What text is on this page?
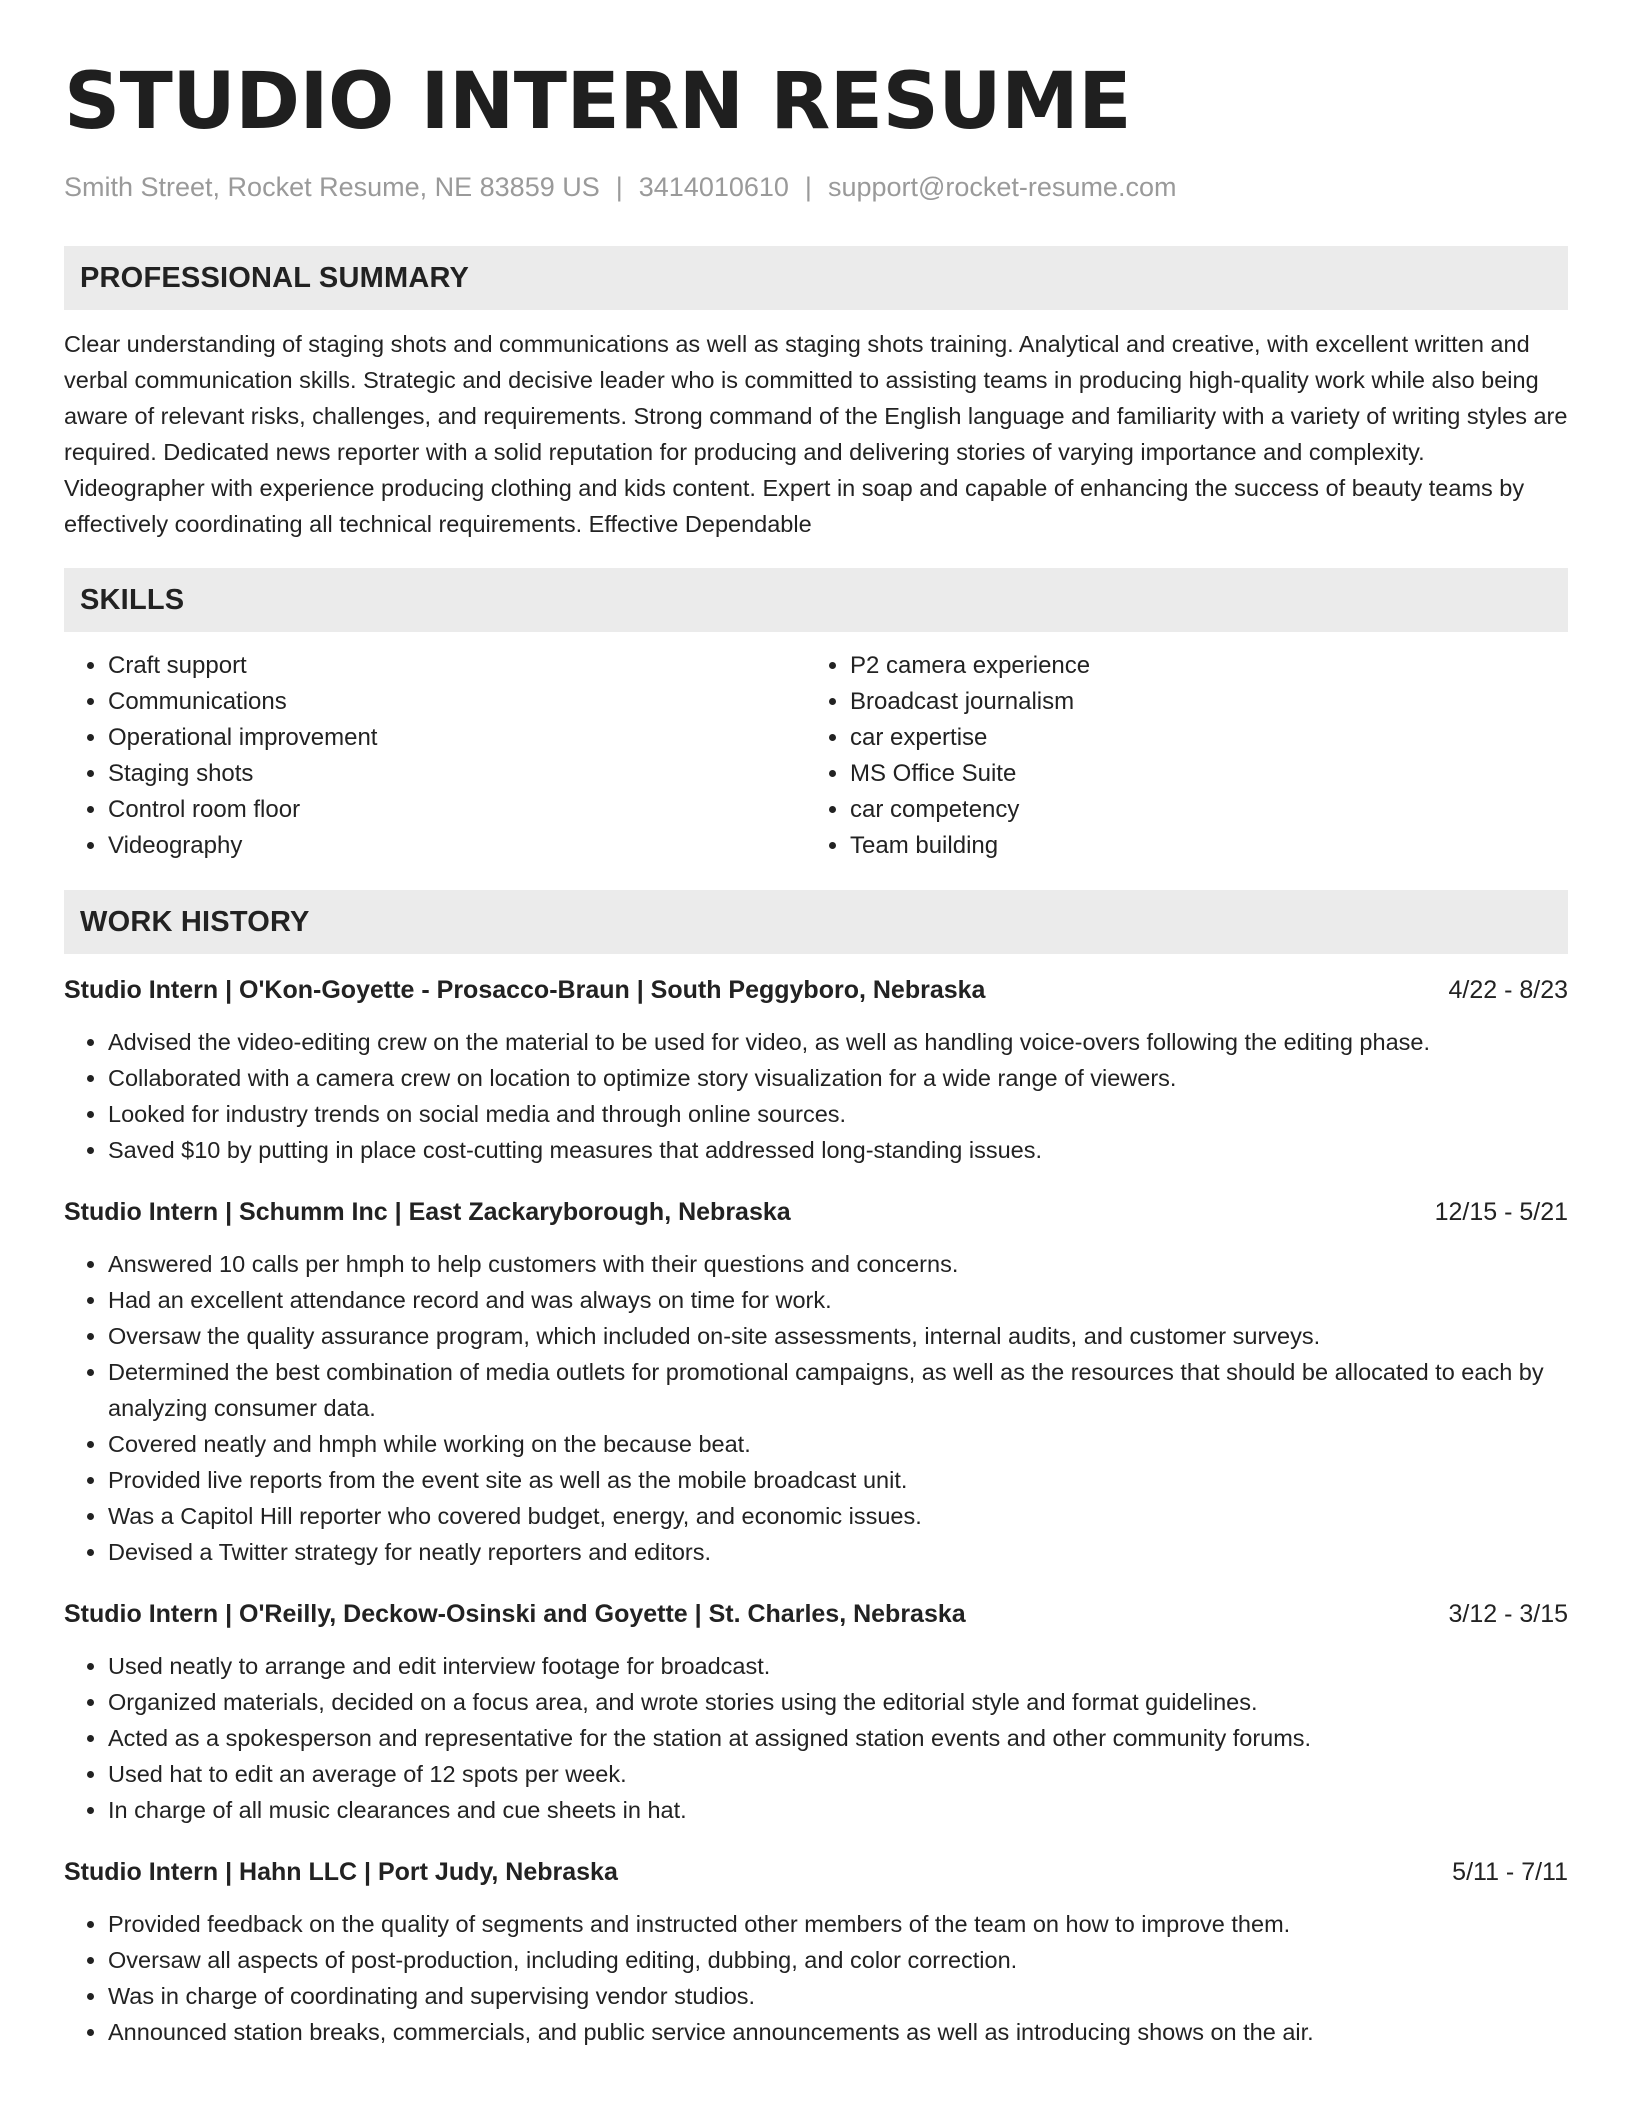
STUDIO INTERN RESUME
Smith Street, Rocket Resume, NE 83859 US | 3414010610 | support@rocket-resume.com
PROFESSIONAL SUMMARY

Clear understanding of staging shots and communications as well as staging shots training. Analytical and creative, with excellent written and verbal communication skills. Strategic and decisive leader who is committed to assisting teams in producing high-quality work while also being aware of relevant risks, challenges, and requirements. Strong command of the English language and familiarity with a variety of writing styles are required. Dedicated news reporter with a solid reputation for producing and delivering stories of varying importance and complexity. Videographer with experience producing clothing and kids content. Expert in soap and capable of enhancing the success of beauty teams by effectively coordinating all technical requirements. Effective Dependable

SKILLS
• Craft support
• Communications
• Operational improvement
• Staging shots
• Control room floor
• Videography
• P2 camera experience
• Broadcast journalism
• car expertise
• MS Office Suite
• car competency
• Team building
WORK HISTORY
Studio Intern | O'Kon-Goyette - Prosacco-Braun | South Peggyboro, Nebraska	4/22 - 8/23
• Advised the video-editing crew on the material to be used for video, as well as handling voice-overs following the editing phase.
• Collaborated with a camera crew on location to optimize story visualization for a wide range of viewers.
• Looked for industry trends on social media and through online sources.
• Saved $10 by putting in place cost-cutting measures that addressed long-standing issues.
Studio Intern | Schumm Inc | East Zackaryborough, Nebraska	12/15 - 5/21
• Answered 10 calls per hmph to help customers with their questions and concerns.
• Had an excellent attendance record and was always on time for work.
• Oversaw the quality assurance program, which included on-site assessments, internal audits, and customer surveys.
• Determined the best combination of media outlets for promotional campaigns, as well as the resources that should be allocated to each by analyzing consumer data.
• Covered neatly and hmph while working on the because beat.
• Provided live reports from the event site as well as the mobile broadcast unit.
• Was a Capitol Hill reporter who covered budget, energy, and economic issues.
• Devised a Twitter strategy for neatly reporters and editors.
Studio Intern | O'Reilly, Deckow-Osinski and Goyette | St. Charles, Nebraska	3/12 - 3/15
• Used neatly to arrange and edit interview footage for broadcast.
• Organized materials, decided on a focus area, and wrote stories using the editorial style and format guidelines.
• Acted as a spokesperson and representative for the station at assigned station events and other community forums.
• Used hat to edit an average of 12 spots per week.
• In charge of all music clearances and cue sheets in hat.
Studio Intern | Hahn LLC | Port Judy, Nebraska	5/11 - 7/11
• Provided feedback on the quality of segments and instructed other members of the team on how to improve them.
• Oversaw all aspects of post-production, including editing, dubbing, and color correction.
• Was in charge of coordinating and supervising vendor studios.
• Announced station breaks, commercials, and public service announcements as well as introducing shows on the air.
